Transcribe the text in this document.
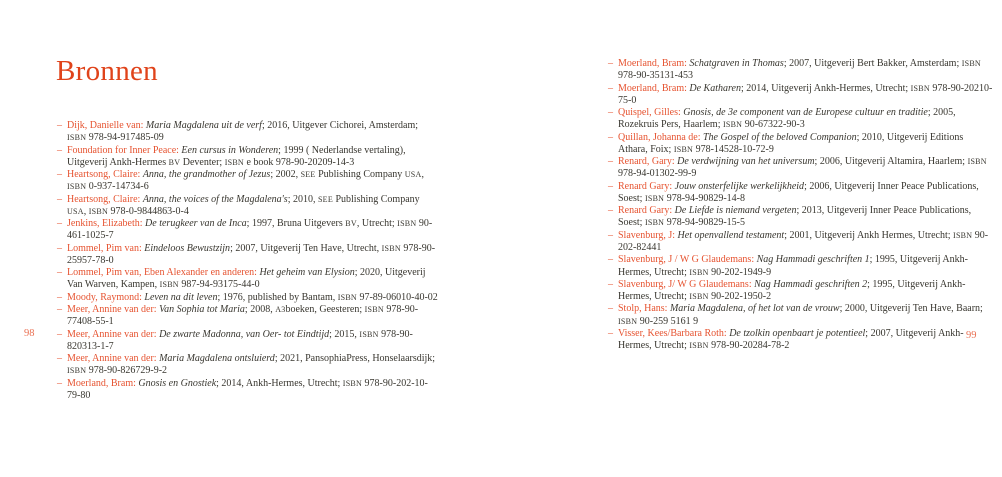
Bronnen
– Dijk, Danielle van: Maria Magdalena uit de verf; 2016, Uitgever Cichorei, Amsterdam; ISBN 978-94-917485-09
– Foundation for Inner Peace: Een cursus in Wonderen; 1999 ( Nederlandse vertaling), Uitgeverij Ankh-Hermes BV Deventer; ISBN e book 978-90-20209-14-3
– Heartsong, Claire: Anna, the grandmother of Jezus; 2002, SEE Publishing Company USA, ISBN 0-937-14734-6
– Heartsong, Claire: Anna, the voices of the Magdalena's; 2010, SEE Publishing Company USA, ISBN 978-0-9844863-0-4
– Jenkins, Elizabeth: De terugkeer van de Inca; 1997, Bruna Uitgevers BV, Utrecht; ISBN 90-461-1025-7
– Lommel, Pim van: Eindeloos Bewustzijn; 2007, Uitgeverij Ten Have, Utrecht, ISBN 978-90-25957-78-0
– Lommel, Pim van, Eben Alexander en anderen: Het geheim van Elysion; 2020, Uitgeverij Van Warven, Kampen, ISBN 987-94-93175-44-0
– Moody, Raymond: Leven na dit leven; 1976, published by Bantam, ISBN 97-89-06010-40-02
– Meer, Annine van der: Van Sophia tot Maria; 2008, A3boeken, Geesteren; ISBN 978-90-77408-55-1
– Meer, Annine van der: De zwarte Madonna, van Oer- tot Eindtijd; 2015, ISBN 978-90-820313-1-7
– Meer, Annine van der: Maria Magdalena ontsluierd; 2021, PansophiaPress, Honselaarsdijk; ISBN 978-90-826729-9-2
– Moerland, Bram: Gnosis en Gnostiek; 2014, Ankh-Hermes, Utrecht; ISBN 978-90-202-10-79-80
98
– Moerland, Bram: Schatgraven in Thomas; 2007, Uitgeverij Bert Bakker, Amsterdam; ISBN 978-90-35131-453
– Moerland, Bram: De Katharen; 2014, Uitgeverij Ankh-Hermes, Utrecht; ISBN 978-90-20210-75-0
– Quispel, Gilles: Gnosis, de 3e component van de Europese cultuur en traditie; 2005, Rozekruis Pers, Haarlem; ISBN 90-67322-90-3
– Quillan, Johanna de: The Gospel of the beloved Companion; 2010, Uitgeverij Editions Athara, Foix; ISBN 978-14528-10-72-9
– Renard, Gary: De verdwijning van het universum; 2006, Uitgeverij Altamira, Haarlem; ISBN 978-94-01302-99-9
– Renard Gary: Jouw onsterfelijke werkelijkheid; 2006, Uitgeverij Inner Peace Publications, Soest; ISBN 978-94-90829-14-8
– Renard Gary: De Liefde is niemand vergeten; 2013, Uitgeverij Inner Peace Publications, Soest; ISBN 978-94-90829-15-5
– Slavenburg, J: Het openvallend testament; 2001, Uitgeverij Ankh Hermes, Utrecht; ISBN 90-202-82441
– Slavenburg, J / W G Glaudemans: Nag Hammadi geschriften 1; 1995, Uitgeverij Ankh-Hermes, Utrecht; ISBN 90-202-1949-9
– Slavenburg, J/ W G Glaudemans: Nag Hammadi geschriften 2; 1995, Uitgeverij Ankh-Hermes, Utrecht; ISBN 90-202-1950-2
– Stolp, Hans: Maria Magdalena, of het lot van de vrouw; 2000, Uitgeverij Ten Have, Baarn; ISBN 90-259 5161 9
– Visser, Kees/Barbara Roth: De tzolkin openbaart je potentieel; 2007, Uitgeverij Ankh-Hermes, Utrecht; ISBN 978-90-20284-78-2
99
